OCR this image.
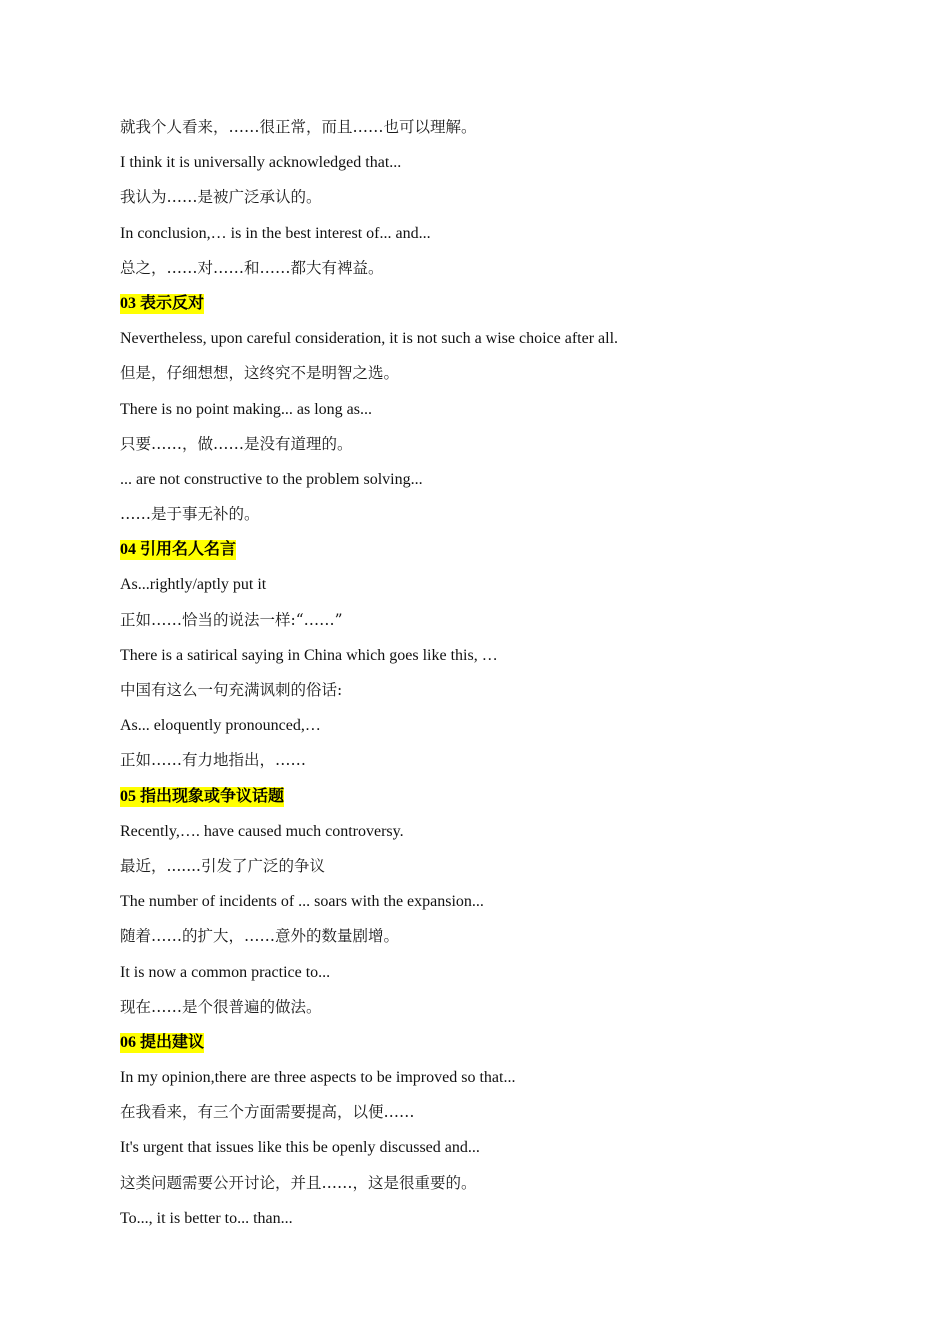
就我个人看来，……很正常，而且……也可以理解。
I think it is universally acknowledged that...
我认为……是被广泛承认的。
In conclusion,… is in the best interest of... and...
总之，……对……和……都大有裨益。
03 表示反对
Nevertheless, upon careful consideration, it is not such a wise choice after all.
但是，仔细想想，这终究不是明智之选。
There is no point making... as long as...
只要……，做……是没有道理的。
... are not constructive to the problem solving...
……是于事无补的。
04 引用名人名言
As...rightly/aptly put it
正如……恰当的说法一样:“……”
There is a satirical saying in China which goes like this, …
中国有这么一句充满讽刺的俗话:
As... eloquently pronounced,…
正如……有力地指出，……
05 指出现象或争议话题
Recently,…. have caused much controversy.
最近，.......引发了广泛的争议
The number of incidents of ... soars with the expansion...
随着……的扩大，……意外的数量剧增。
It is now a common practice to...
现在……是个很普遍的做法。
06 提出建议
In my opinion,there are three aspects to be improved so that...
在我看来，有三个方面需要提高，以便……
It's urgent that issues like this be openly discussed and...
这类问题需要公开讨论，并且……，这是很重要的。
To..., it is better to... than...
